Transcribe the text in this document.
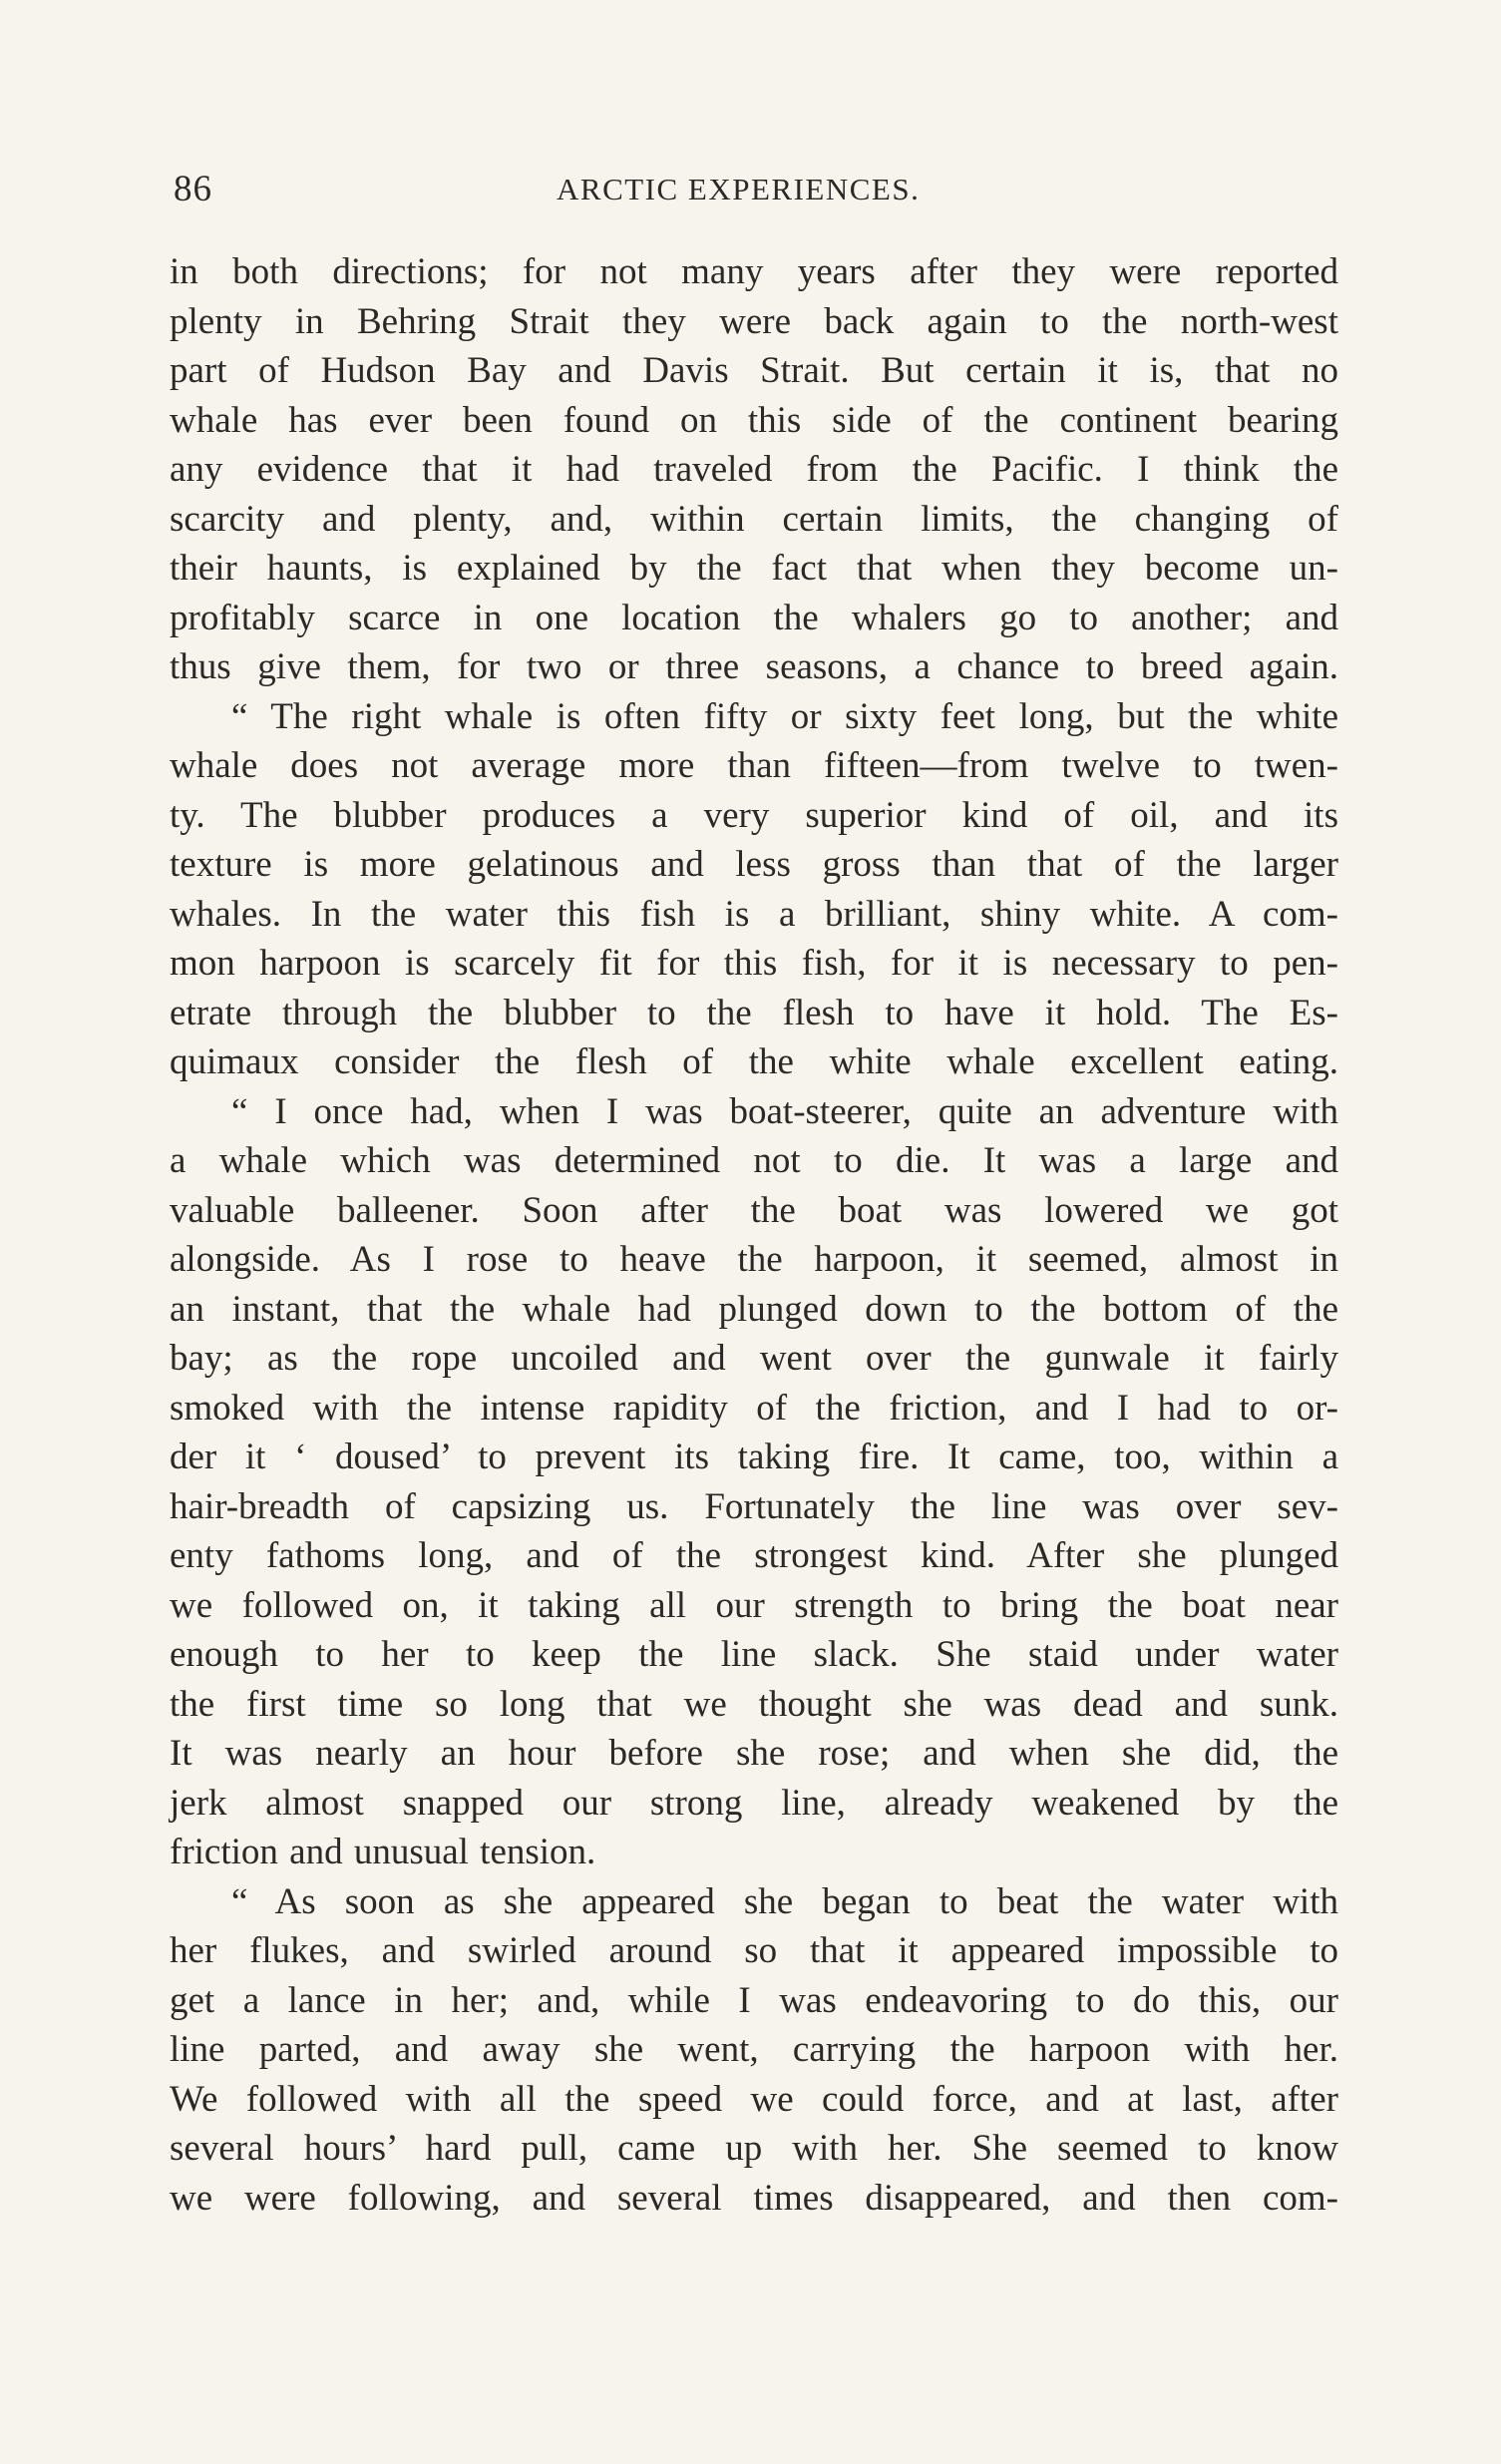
86	ARCTIC EXPERIENCES.
in both directions; for not many years after they were reported
plenty in Behring Strait they were back again to the north-west
part of Hudson Bay and Davis Strait. But certain it is, that no
whale has ever been found on this side of the continent bearing
any evidence that it had traveled from the Pacific. I think the
scarcity and plenty, and, within certain limits, the changing of
their haunts, is explained by the fact that when they become un-
profitably scarce in one location the whalers go to another; and
thus give them, for two or three seasons, a chance to breed again.
“ The right whale is often fifty or sixty feet long, but the white
whale does not average more than fifteen—from twelve to twen-
ty. The blubber produces a very superior kind of oil, and its
texture is more gelatinous and less gross than that of the larger
whales. In the water this fish is a brilliant, shiny white. A com-
mon harpoon is scarcely fit for this fish, for it is necessary to pen-
etrate through the blubber to the flesh to have it hold. The Es-
quimaux consider the flesh of the white whale excellent eating.
“ I once had, when I was boat-steerer, quite an adventure with
a whale which was determined not to die. It was a large and
valuable balleener. Soon after the boat was lowered we got
alongside. As I rose to heave the harpoon, it seemed, almost in
an instant, that the whale had plunged down to the bottom of the
bay; as the rope uncoiled and went over the gunwale it fairly
smoked with the intense rapidity of the friction, and I had to or-
der it ‘ doused’ to prevent its taking fire. It came, too, within a
hair-breadth of capsizing us. Fortunately the line was over sev-
enty fathoms long, and of the strongest kind. After she plunged
we followed on, it taking all our strength to bring the boat near
enough to her to keep the line slack. She staid under water
the first time so long that we thought she was dead and sunk.
It was nearly an hour before she rose; and when she did, the
jerk almost snapped our strong line, already weakened by the
friction and unusual tension.
“ As soon as she appeared she began to beat the water with
her flukes, and swirled around so that it appeared impossible to
get a lance in her; and, while I was endeavoring to do this, our
line parted, and away she went, carrying the harpoon with her.
We followed with all the speed we could force, and at last, after
several hours’ hard pull, came up with her. She seemed to know
we were following, and several times disappeared, and then com-
